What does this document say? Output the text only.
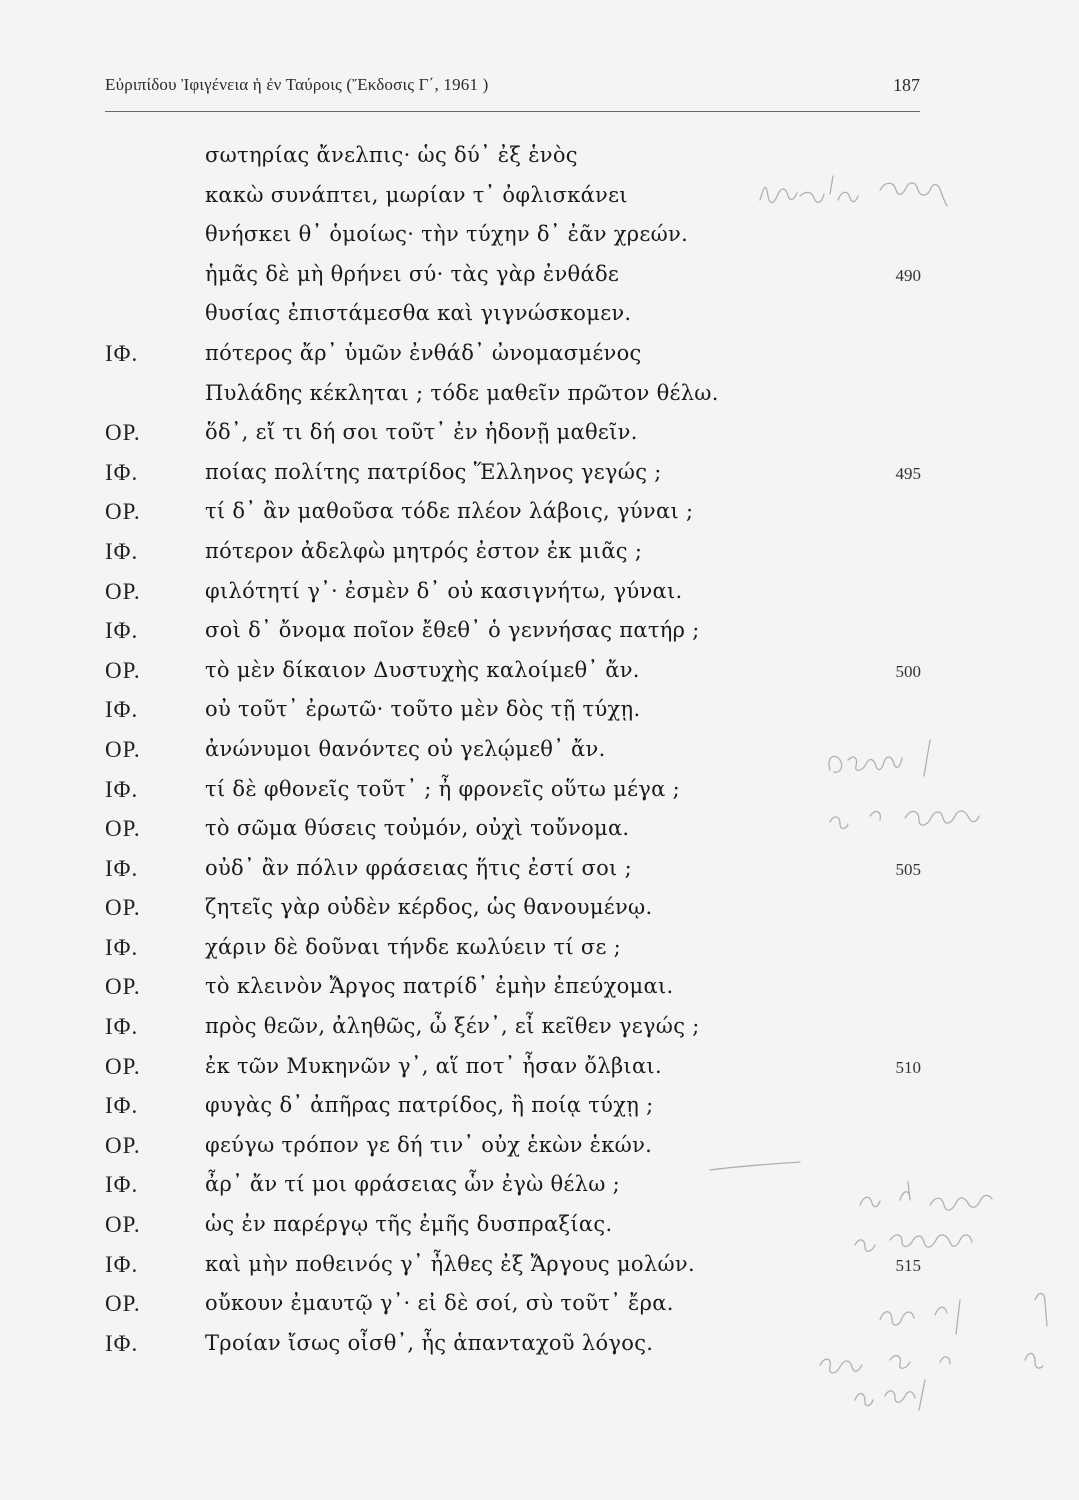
Εὐριπίδου Ἰφιγένεια ἡ ἐν Ταύροις (Ἔκδοσις Γ΄, 1961 )	187
σωτηρίας ἄνελπις· ὡς δύ᾽ ἐξ ἑνὸς
κακὼ συνάπτει, μωρίαν τ᾽ ὀφλισκάνει
θνήσκει θ᾽ ὁμοίως· τὴν τύχην δ᾽ ἐᾶν χρεών.
ἡμᾶς δὲ μὴ θρήνει σύ· τὰς γὰρ ἐνθάδε	490
θυσίας ἐπιστάμεσθα καὶ γιγνώσκομεν.
ΙΦ.	πότερος ἄρ᾽ ὑμῶν ἐνθάδ᾽ ὠνομασμένος
Πυλάδης κέκληται ; τόδε μαθεῖν πρῶτον θέλω.
ΟΡ.	ὅδ᾽, εἴ τι δή σοι τοῦτ᾽ ἐν ἡδονῇ μαθεῖν.
ΙΦ.	ποίας πολίτης πατρίδος Ἕλληνος γεγώς ;	495
ΟΡ.	τί δ᾽ ἂν μαθοῦσα τόδε πλέον λάβοις, γύναι ;
ΙΦ.	πότερον ἀδελφὼ μητρός ἐστον ἐκ μιᾶς ;
ΟΡ.	φιλότητί γ᾽· ἐσμὲν δ᾽ οὐ κασιγνήτω, γύναι.
ΙΦ.	σοὶ δ᾽ ὄνομα ποῖον ἔθεθ᾽ ὁ γεννήσας πατήρ ;
ΟΡ.	τὸ μὲν δίκαιον Δυστυχὴς καλοίμεθ᾽ ἄν.	500
ΙΦ.	οὐ τοῦτ᾽ ἐρωτῶ· τοῦτο μὲν δὸς τῇ τύχῃ.
ΟΡ.	ἀνώνυμοι θανόντες οὐ γελῴμεθ᾽ ἄν.
ΙΦ.	τί δὲ φθονεῖς τοῦτ᾽ ; ἦ φρονεῖς οὕτω μέγα ;
ΟΡ.	τὸ σῶμα θύσεις τοὐμόν, οὐχὶ τοὔνομα.
ΙΦ.	οὐδ᾽ ἂν πόλιν φράσειας ἥτις ἐστί σοι ;	505
ΟΡ.	ζητεῖς γὰρ οὐδὲν κέρδος, ὡς θανουμένῳ.
ΙΦ.	χάριν δὲ δοῦναι τήνδε κωλύειν τί σε ;
ΟΡ.	τὸ κλεινὸν Ἄργος πατρίδ᾽ ἐμὴν ἐπεύχομαι.
ΙΦ.	πρὸς θεῶν, ἀληθῶς, ὦ ξέν᾽, εἶ κεῖθεν γεγώς ;
ΟΡ.	ἐκ τῶν Μυκηνῶν γ᾽, αἵ ποτ᾽ ἦσαν ὄλβιαι.	510
ΙΦ.	φυγὰς δ᾽ ἀπῆρας πατρίδος, ἢ ποίᾳ τύχῃ ;
ΟΡ.	φεύγω τρόπον γε δή τιν᾽ οὐχ ἑκὼν ἑκών.
ΙΦ.	ἆρ᾽ ἄν τί μοι φράσειας ὧν ἐγὼ θέλω ;
ΟΡ.	ὡς ἐν παρέργῳ τῆς ἐμῆς δυσπραξίας.
ΙΦ.	καὶ μὴν ποθεινός γ᾽ ἦλθες ἐξ Ἄργους μολών.	515
ΟΡ.	οὔκουν ἐμαυτῷ γ᾽· εἰ δὲ σοί, σὺ τοῦτ᾽ ἔρα.
ΙΦ.	Τροίαν ἴσως οἶσθ᾽, ἧς ἁπανταχοῦ λόγος.
